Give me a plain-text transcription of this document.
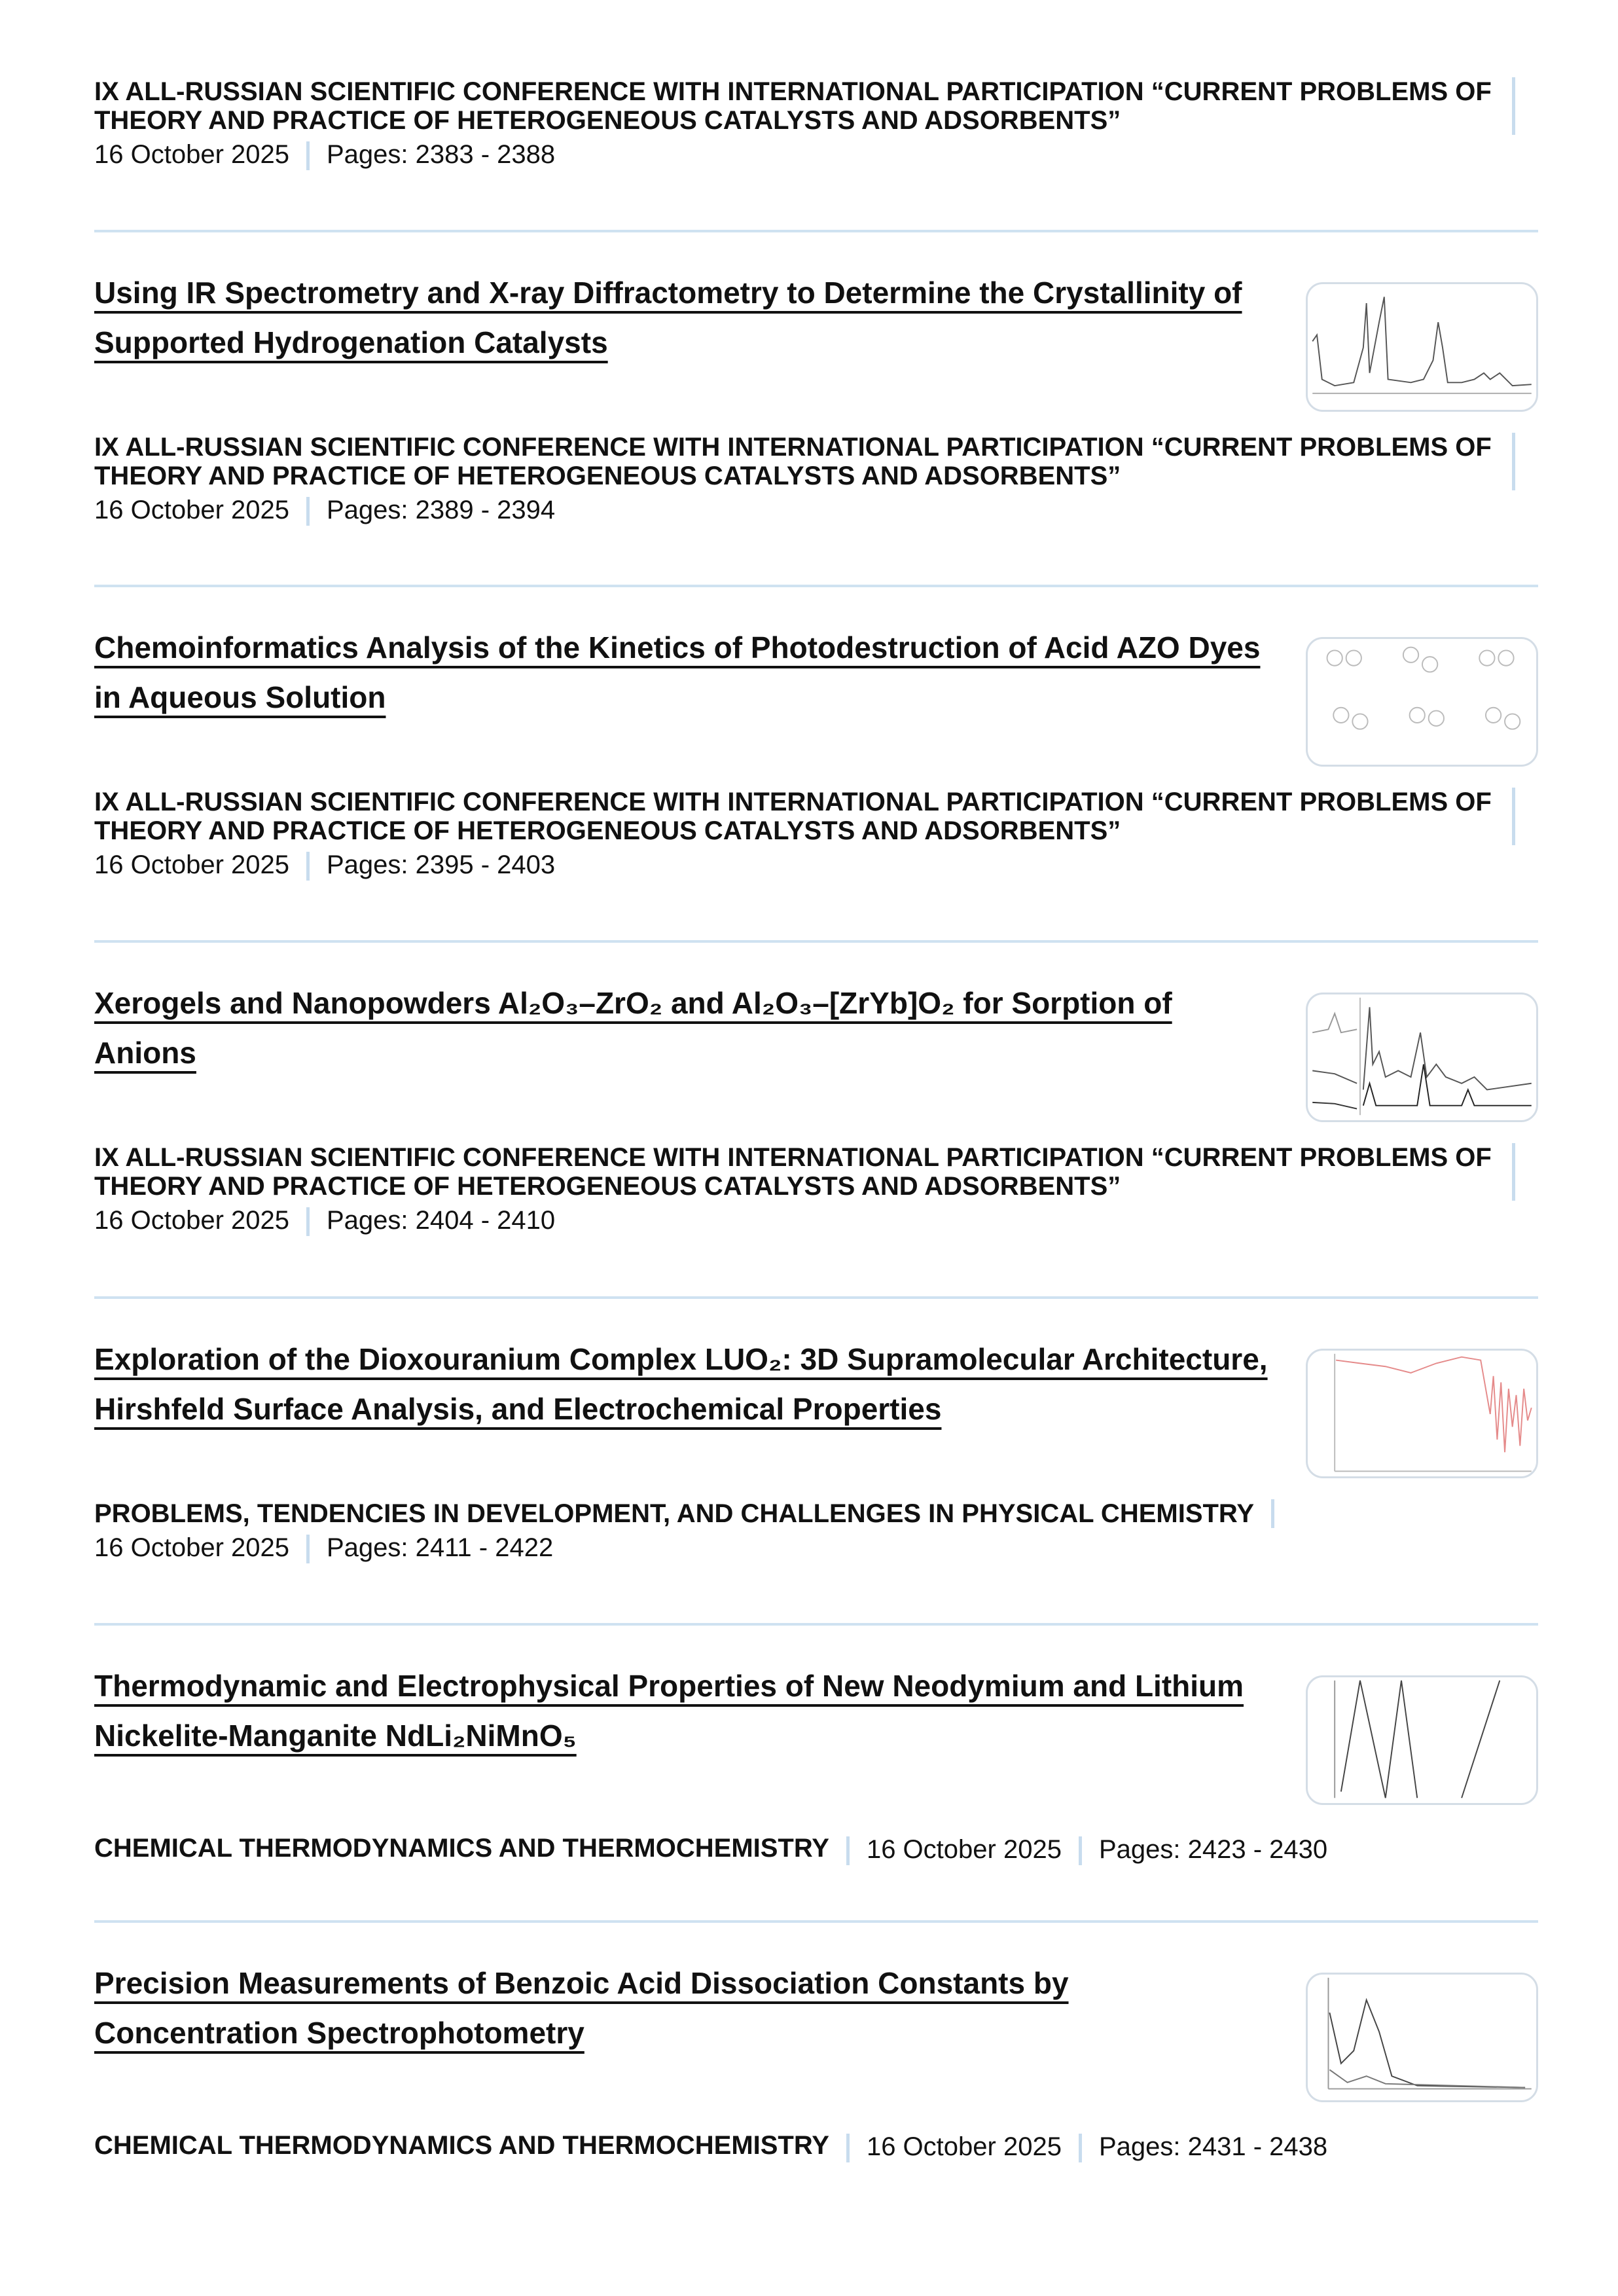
IX ALL-RUSSIAN SCIENTIFIC CONFERENCE WITH INTERNATIONAL PARTICIPATION “CURRENT PROBLEMS OF THEORY AND PRACTICE OF HETEROGENEOUS CATALYSTS AND ADSORBENTS”
16 October 2025 Pages: 2383 - 2388
Using IR Spectrometry and X-ray Diffractometry to Determine the Crystallinity of Supported Hydrogenation Catalysts
IX ALL-RUSSIAN SCIENTIFIC CONFERENCE WITH INTERNATIONAL PARTICIPATION “CURRENT PROBLEMS OF THEORY AND PRACTICE OF HETEROGENEOUS CATALYSTS AND ADSORBENTS”
16 October 2025 Pages: 2389 - 2394
Chemoinformatics Analysis of the Kinetics of Photodestruction of Acid AZO Dyes in Aqueous Solution
IX ALL-RUSSIAN SCIENTIFIC CONFERENCE WITH INTERNATIONAL PARTICIPATION “CURRENT PROBLEMS OF THEORY AND PRACTICE OF HETEROGENEOUS CATALYSTS AND ADSORBENTS”
16 October 2025 Pages: 2395 - 2403
Xerogels and Nanopowders Al₂O₃–ZrO₂ and Al₂O₃–[ZrYb]O₂ for Sorption of Anions
IX ALL-RUSSIAN SCIENTIFIC CONFERENCE WITH INTERNATIONAL PARTICIPATION “CURRENT PROBLEMS OF THEORY AND PRACTICE OF HETEROGENEOUS CATALYSTS AND ADSORBENTS”
16 October 2025 Pages: 2404 - 2410
Exploration of the Dioxouranium Complex LUO₂: 3D Supramolecular Architecture, Hirshfeld Surface Analysis, and Electrochemical Properties
PROBLEMS, TENDENCIES IN DEVELOPMENT, AND CHALLENGES IN PHYSICAL CHEMISTRY
16 October 2025 Pages: 2411 - 2422
Thermodynamic and Electrophysical Properties of New Neodymium and Lithium Nickelite-Manganite NdLi₂NiMnO₅
CHEMICAL THERMODYNAMICS AND THERMOCHEMISTRY 16 October 2025 Pages: 2423 - 2430
Precision Measurements of Benzoic Acid Dissociation Constants by Concentration Spectrophotometry
CHEMICAL THERMODYNAMICS AND THERMOCHEMISTRY 16 October 2025 Pages: 2431 - 2438
